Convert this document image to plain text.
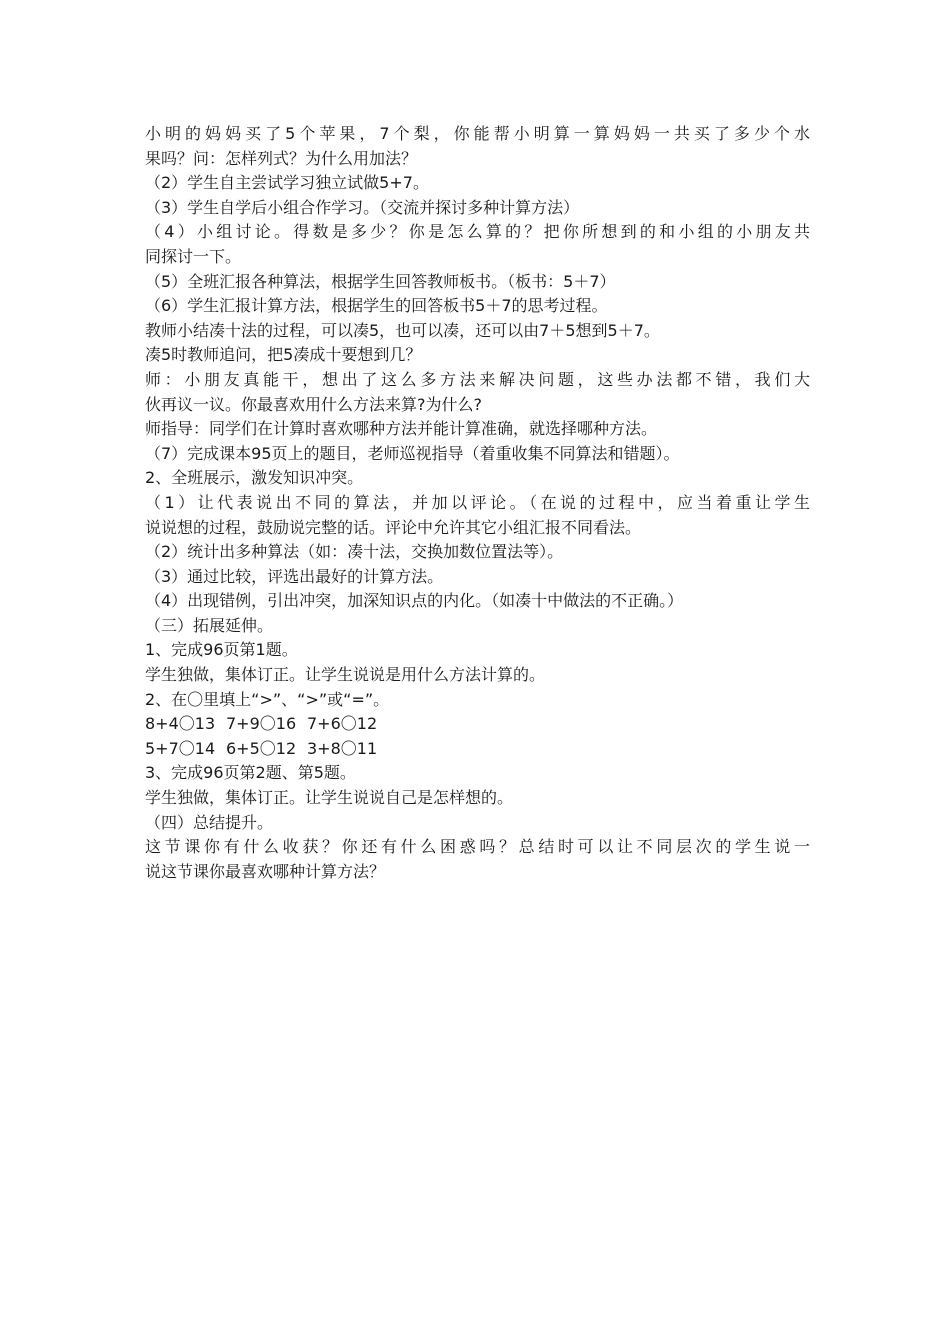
小明的妈妈买了5个苹果，7个梨，你能帮小明算一算妈妈一共买了多少个水
果吗？问：怎样列式？为什么用加法？
（2）学生自主尝试学习独立试做5+7。
（3）学生自学后小组合作学习。（交流并探讨多种计算方法）
（4）小组讨论。得数是多少？你是怎么算的？把你所想到的和小组的小朋友共
同探讨一下。
（5）全班汇报各种算法，根据学生回答教师板书。（板书：5＋7）
（6）学生汇报计算方法，根据学生的回答板书5＋7的思考过程。
教师小结凑十法的过程，可以凑5，也可以凑，还可以由7＋5想到5＋7。
凑5时教师追问，把5凑成十要想到几？
师：小朋友真能干，想出了这么多方法来解决问题，这些办法都不错，我们大
伙再议一议。你最喜欢用什么方法来算?为什么?
师指导：同学们在计算时喜欢哪种方法并能计算准确，就选择哪种方法。
（7）完成课本95页上的题目，老师巡视指导（着重收集不同算法和错题）。
2、全班展示，激发知识冲突。
（1）让代表说出不同的算法，并加以评论。（在说的过程中，应当着重让学生
说说想的过程，鼓励说完整的话。评论中允许其它小组汇报不同看法。
（2）统计出多种算法（如：凑十法，交换加数位置法等）。
（3）通过比较，评选出最好的计算方法。
（4）出现错例，引出冲突，加深知识点的内化。（如凑十中做法的不正确。）
（三）拓展延伸。
1、完成96页第1题。
学生独做，集体订正。让学生说说是用什么方法计算的。
2、在〇里填上“>”、“>”或“=”。
8+4〇13 7+9〇16 7+6〇12
5+7〇14 6+5〇12 3+8〇11
3、完成96页第2题、第5题。
学生独做，集体订正。让学生说说自己是怎样想的。
（四）总结提升。
这节课你有什么收获？你还有什么困惑吗？总结时可以让不同层次的学生说一
说这节课你最喜欢哪种计算方法？
